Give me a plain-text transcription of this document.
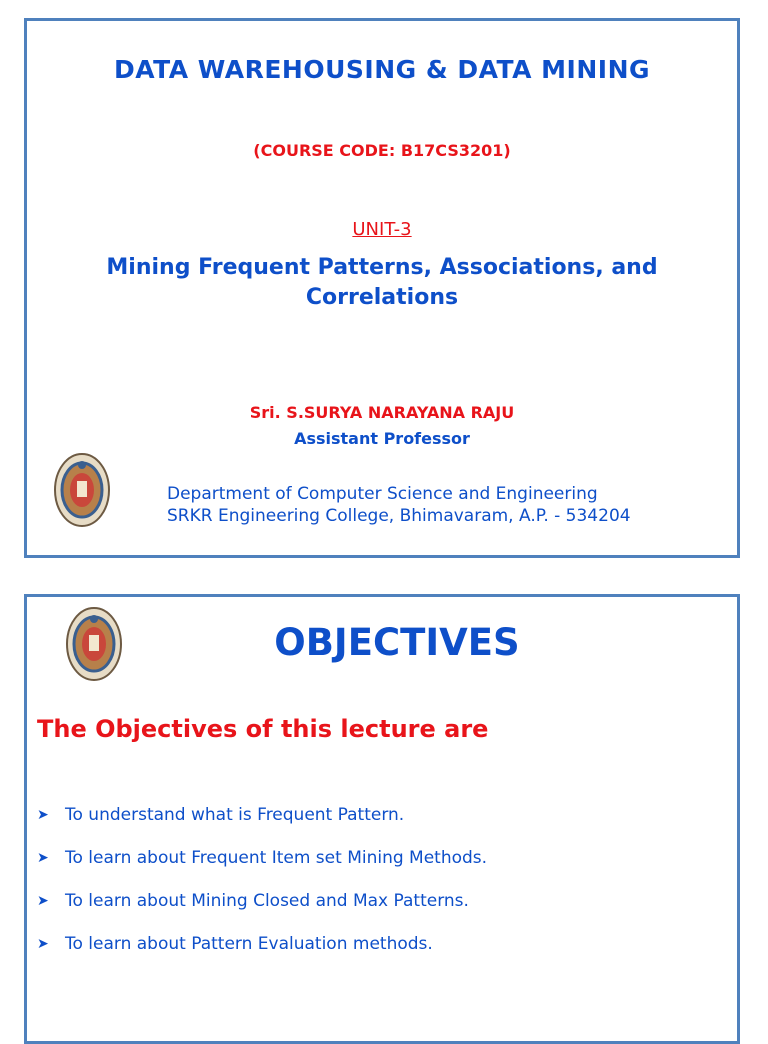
DATA WAREHOUSING & DATA MINING
(COURSE CODE: B17CS3201)
UNIT-3
Mining Frequent Patterns, Associations, and Correlations
Sri. S.SURYA NARAYANA RAJU
Assistant Professor
Department of Computer Science and Engineering
SRKR Engineering College, Bhimavaram, A.P. - 534204
OBJECTIVES
The Objectives of this lecture are
➤ To understand what is Frequent Pattern.
➤ To learn about Frequent Item set Mining Methods.
➤ To learn about Mining Closed and Max Patterns.
➤ To learn about Pattern Evaluation methods.
